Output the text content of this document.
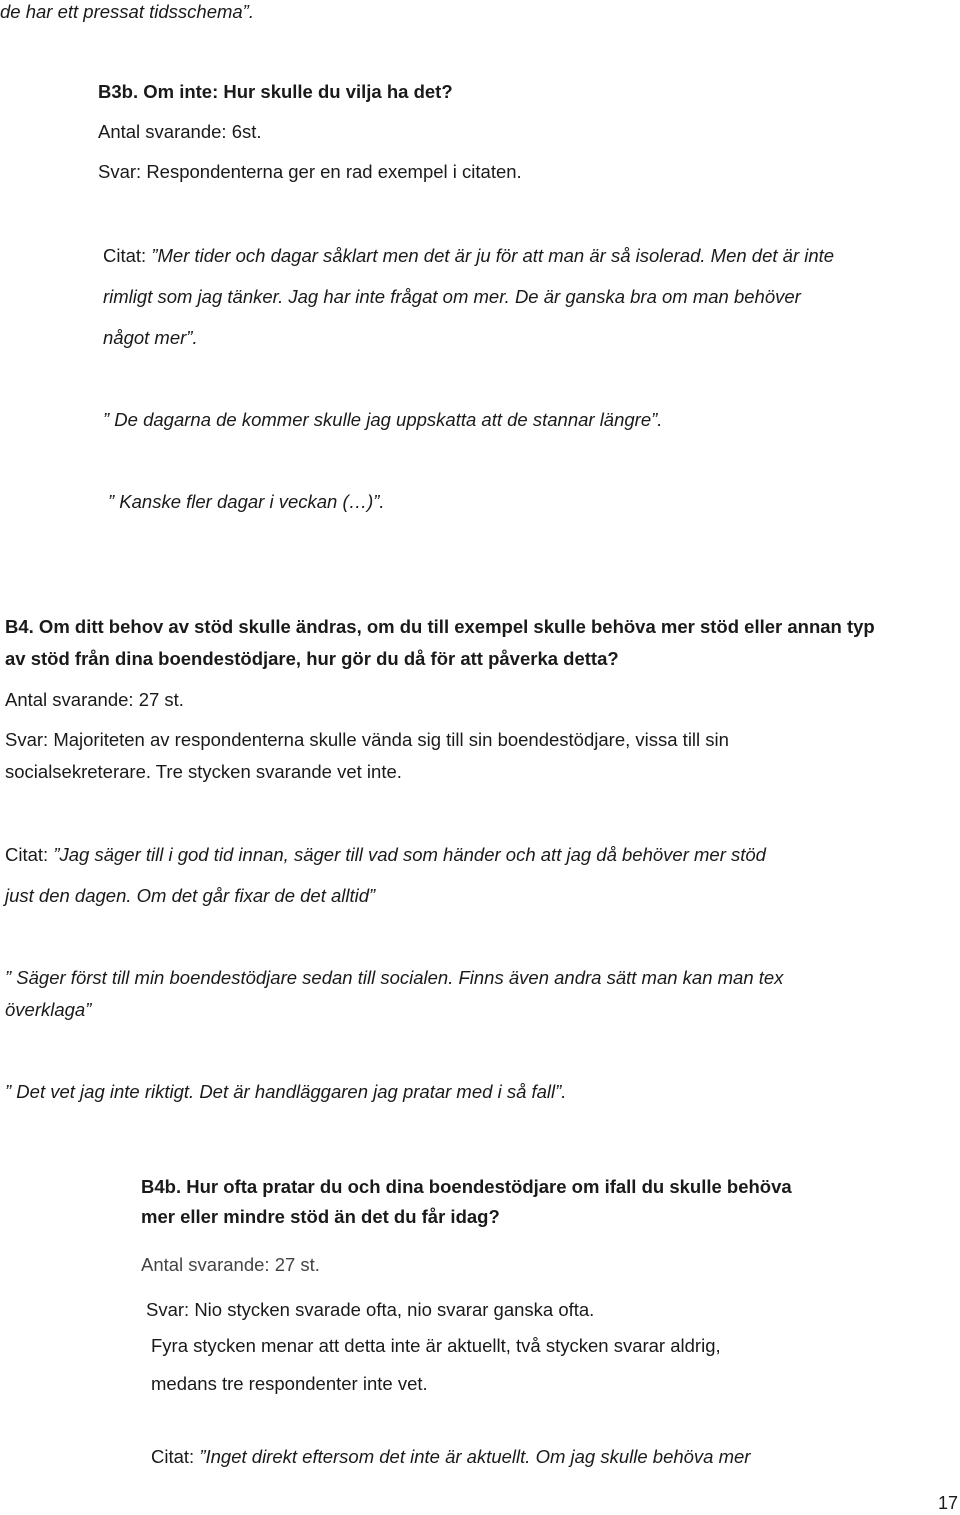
de har ett pressat tidsschema”.
B3b. Om inte: Hur skulle du vilja ha det?
Antal svarande: 6st.
Svar: Respondenterna ger en rad exempel i citaten.
Citat: ”Mer tider och dagar såklart men det är ju för att man är så isolerad. Men det är inte
rimligt som jag tänker. Jag har inte frågat om mer. De är ganska bra om man behöver
något mer”.
” De dagarna de kommer skulle jag uppskatta att de stannar längre”.
” Kanske fler dagar i veckan (…)”.
B4. Om ditt behov av stöd skulle ändras, om du till exempel skulle behöva mer stöd eller annan typ
av stöd från dina boendestödjare, hur gör du då för att påverka detta?
Antal svarande: 27 st.
Svar: Majoriteten av respondenterna skulle vända sig till sin boendestödjare, vissa till sin
socialsekreterare. Tre stycken svarande vet inte.
Citat: ”Jag säger till i god tid innan, säger till vad som händer och att jag då behöver mer stöd
just den dagen. Om det går fixar de det alltid”
” Säger först till min boendestödjare sedan till socialen. Finns även andra sätt man kan man tex
överklaga”
” Det vet jag inte riktigt. Det är handläggaren jag pratar med i så fall”.
B4b. Hur ofta pratar du och dina boendestödjare om ifall du skulle behöva
mer eller mindre stöd än det du får idag?
Antal svarande: 27 st.
Svar: Nio stycken svarade ofta, nio svarar ganska ofta.
Fyra stycken menar att detta inte är aktuellt, två stycken svarar aldrig,
medans tre respondenter inte vet.
Citat: ”Inget direkt eftersom det inte är aktuellt. Om jag skulle behöva mer
17
